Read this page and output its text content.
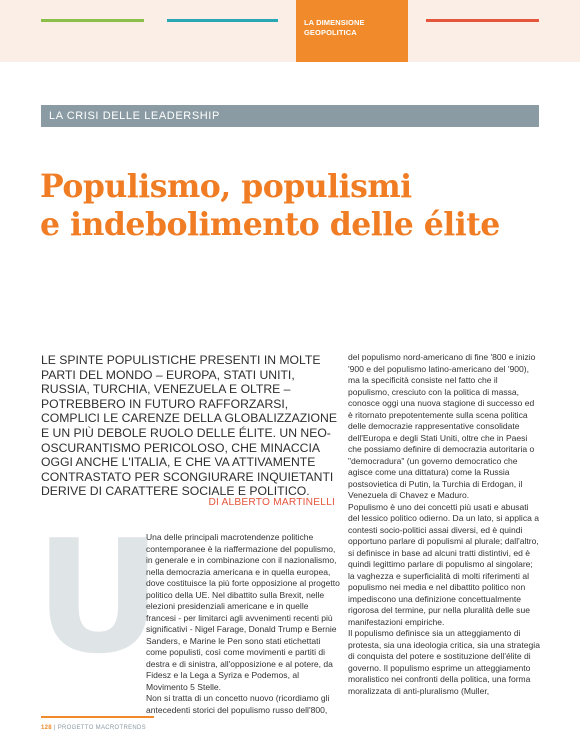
LA DIMENSIONE
GEOPOLITICA
LA CRISI DELLE LEADERSHIP
Populismo, populismi
e indebolimento delle élite
LE SPINTE POPULISTICHE PRESENTI IN MOLTE PARTI DEL MONDO – EUROPA, STATI UNITI, RUSSIA, TURCHIA, VENEZUELA E OLTRE – POTREBBERO IN FUTURO RAFFORZARSI, COMPLICI LE CARENZE DELLA GLOBALIZZAZIONE E UN PIÙ DEBOLE RUOLO DELLE ÉLITE. UN NEO-OSCURANTISMO PERICOLOSO, CHE MINACCIA OGGI ANCHE L'ITALIA, E CHE VA ATTIVAMENTE CONTRASTATO PER SCONGIURARE INQUIETANTI DERIVE DI CARATTERE SOCIALE E POLITICO.
DI ALBERTO MARTINELLI
U

Una delle principali macrotendenze politiche contemporanee è la riaffermazione del populismo, in generale e in combinazione con il nazionalismo, nella democrazia americana e in quella europea, dove costituisce la più forte opposizione al progetto politico della UE. Nel dibattito sulla Brexit, nelle elezioni presidenziali americane e in quelle francesi - per limitarci agli avvenimenti recenti più significativi - Nigel Farage, Donald Trump e Bernie Sanders, e Marine le Pen sono stati etichettati come populisti, così come movimenti e partiti di destra e di sinistra, all'opposizione e al potere, da Fidesz e la Lega a Syriza e Podemos, al Movimento 5 Stelle.

Non si tratta di un concetto nuovo (ricordiamo gli antecedenti storici del populismo russo dell'800,

del populismo nord-americano di fine '800 e inizio '900 e del populismo latino-americano del '900), ma la specificità consiste nel fatto che il populismo, cresciuto con la politica di massa, conosce oggi una nuova stagione di successo ed è ritornato prepotentemente sulla scena politica delle democrazie rappresentative consolidate dell'Europa e degli Stati Uniti, oltre che in Paesi che possiamo definire di democrazia autoritaria o "democradura" (un governo democratico che agisce come una dittatura) come la Russia postsovietica di Putin, la Turchia di Erdogan, il Venezuela di Chavez e Maduro.

Populismo è uno dei concetti più usati e abusati del lessico politico odierno. Da un lato, si applica a contesti socio-politici assai diversi, ed è quindi opportuno parlare di populismi al plurale; dall'altro, si definisce in base ad alcuni tratti distintivi, ed è quindi legittimo parlare di populismo al singolare; la vaghezza e superficialità di molti riferimenti al populismo nei media e nel dibattito politico non impediscono una definizione concettualmente rigorosa del termine, pur nella pluralità delle sue manifestazioni empiriche.

Il populismo definisce sia un atteggiamento di protesta, sia una ideologia critica, sia una strategia di conquista del potere e sostituzione dell'élite di governo. Il populismo esprime un atteggiamento moralistico nei confronti della politica, una forma moralizzata di anti-pluralismo (Muller,

128 | PROGETTO MACROTRENDS
